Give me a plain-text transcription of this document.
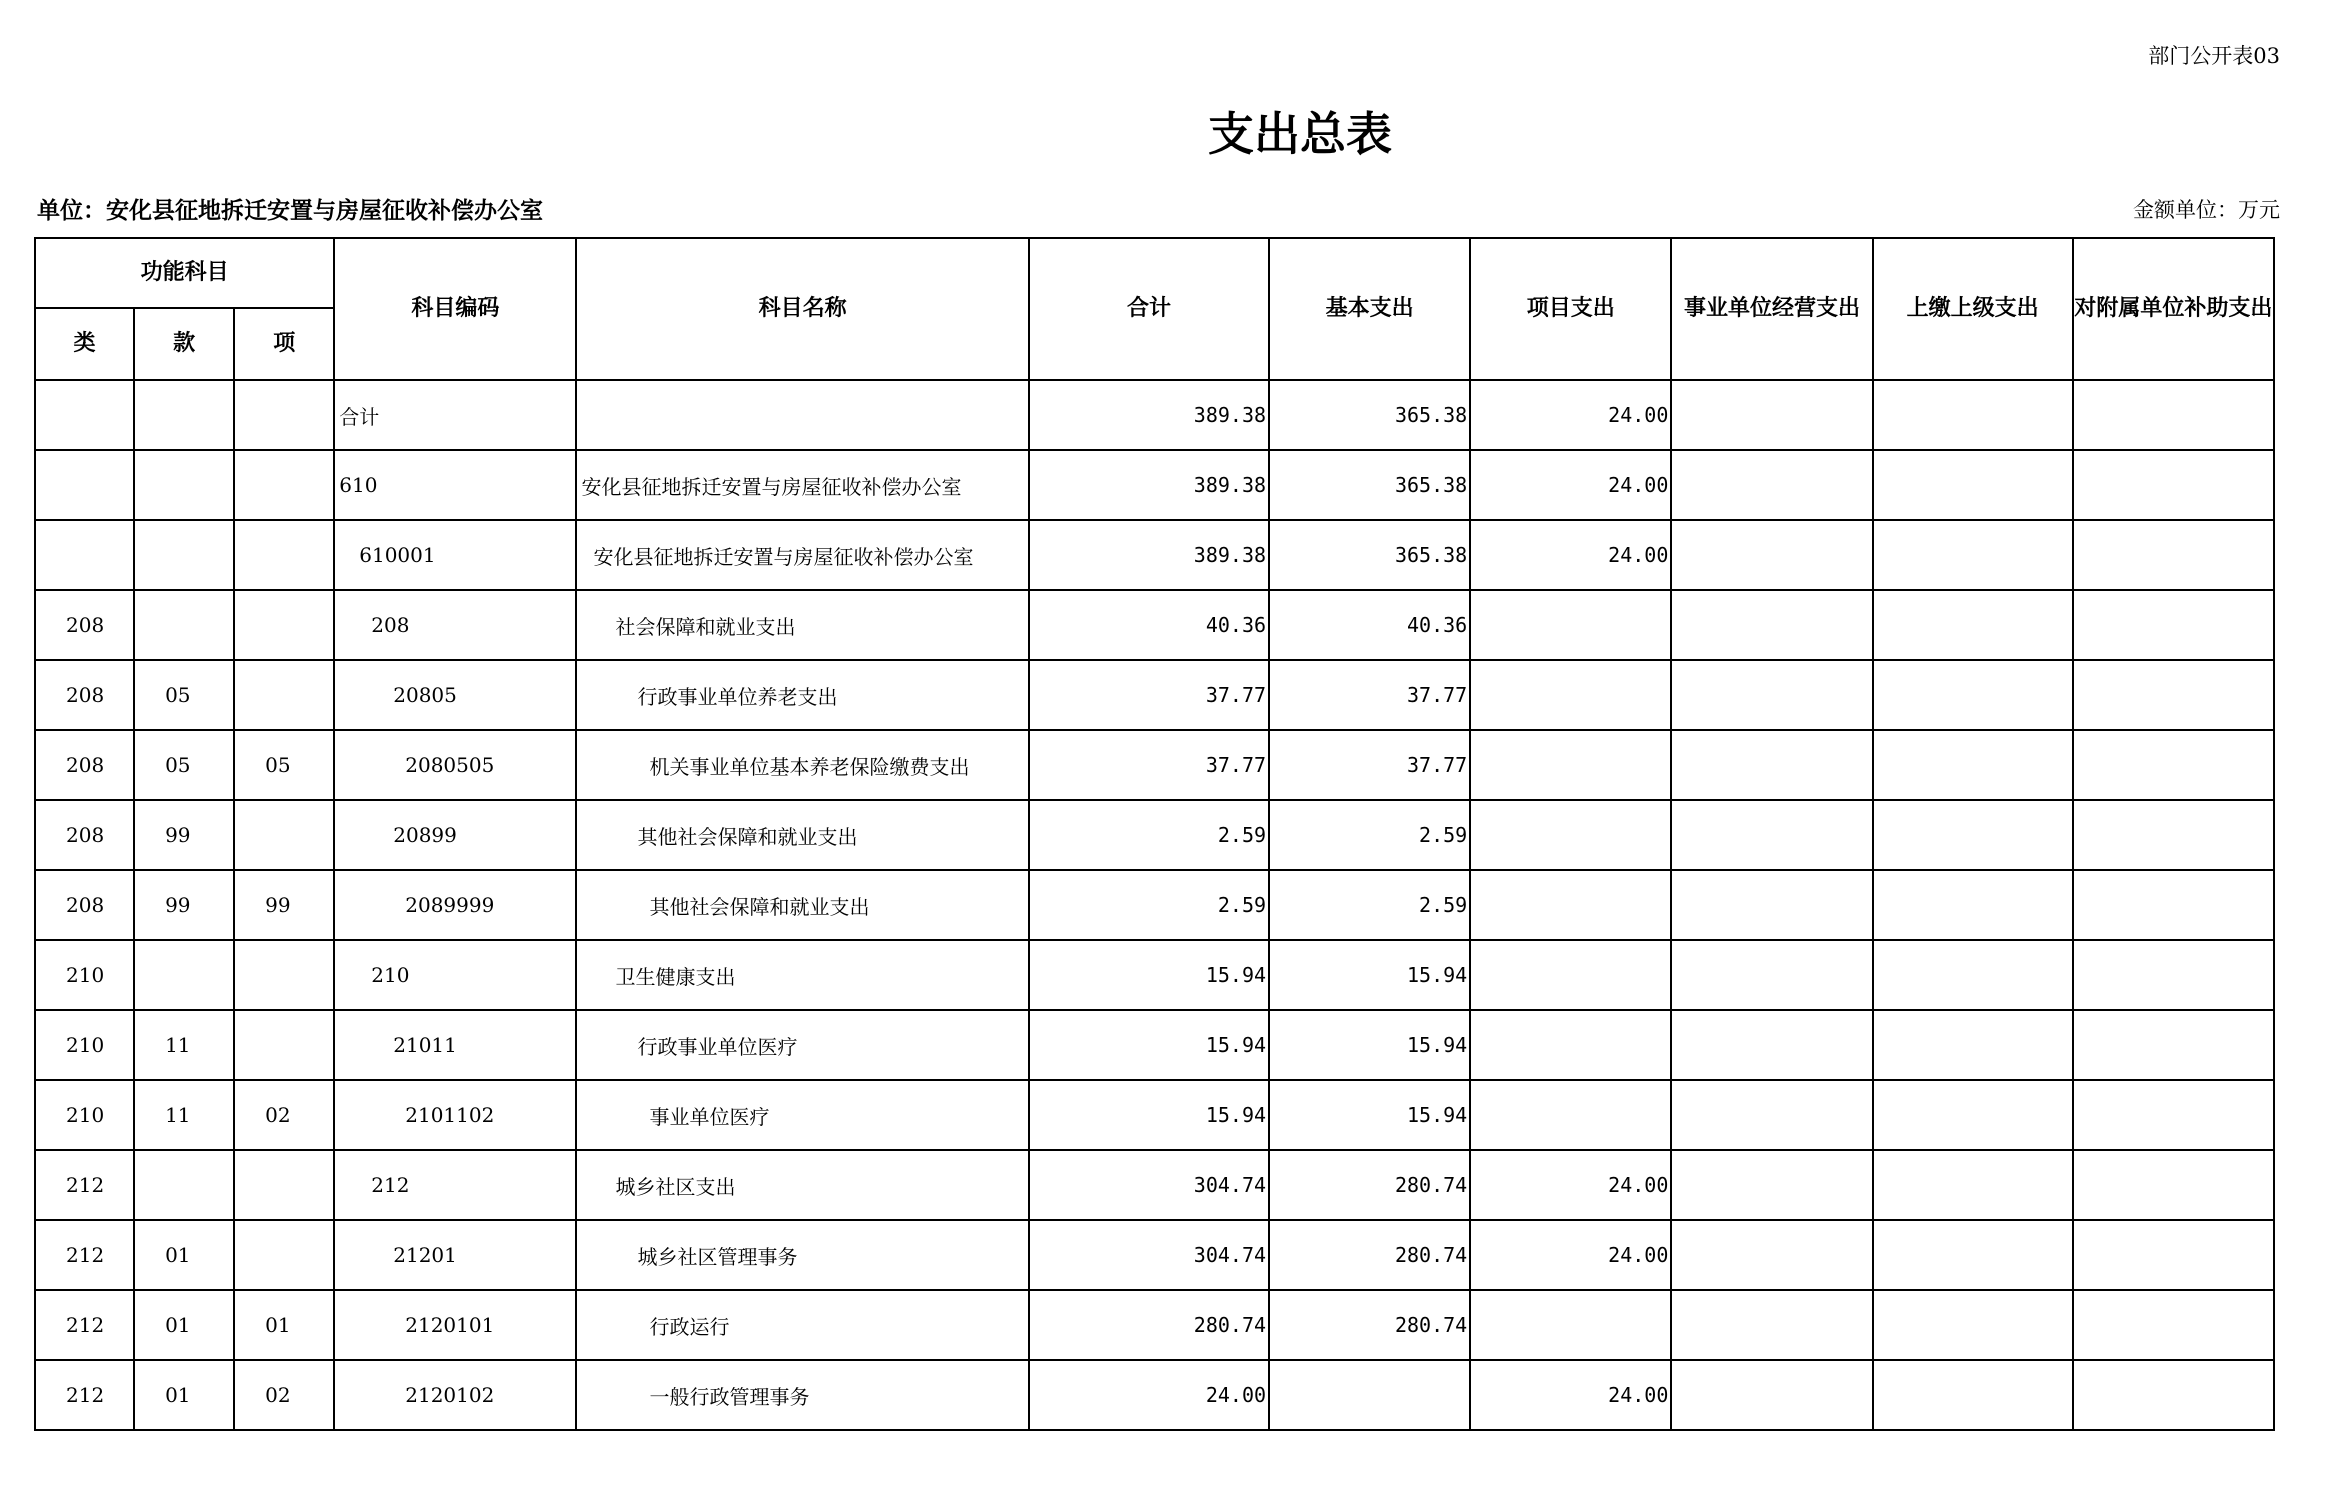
部门公开表03
支出总表
单位：安化县征地拆迁安置与房屋征收补偿办公室	金额单位：万元
功能科目			科目编码	科目名称	合计	基本支出	项目支出	事业单位经营支出	上缴上级支出	对附属单位补助支出
类	款	项								
			合计		389.38	365.38	24.00			
			610	安化县征地拆迁安置与房屋征收补偿办公室	389.38	365.38	24.00			
			610001	安化县征地拆迁安置与房屋征收补偿办公室	389.38	365.38	24.00			
208			208	社会保障和就业支出	40.36	40.36				
208	05		20805	行政事业单位养老支出	37.77	37.77				
208	05	05	2080505	机关事业单位基本养老保险缴费支出	37.77	37.77				
208	99		20899	其他社会保障和就业支出	2.59	2.59				
208	99	99	2089999	其他社会保障和就业支出	2.59	2.59				
210			210	卫生健康支出	15.94	15.94				
210	11		21011	行政事业单位医疗	15.94	15.94				
210	11	02	2101102	事业单位医疗	15.94	15.94				
212			212	城乡社区支出	304.74	280.74	24.00			
212	01		21201	城乡社区管理事务	304.74	280.74	24.00			
212	01	01	2120101	行政运行	280.74	280.74				
212	01	02	2120102	一般行政管理事务	24.00		24.00			
